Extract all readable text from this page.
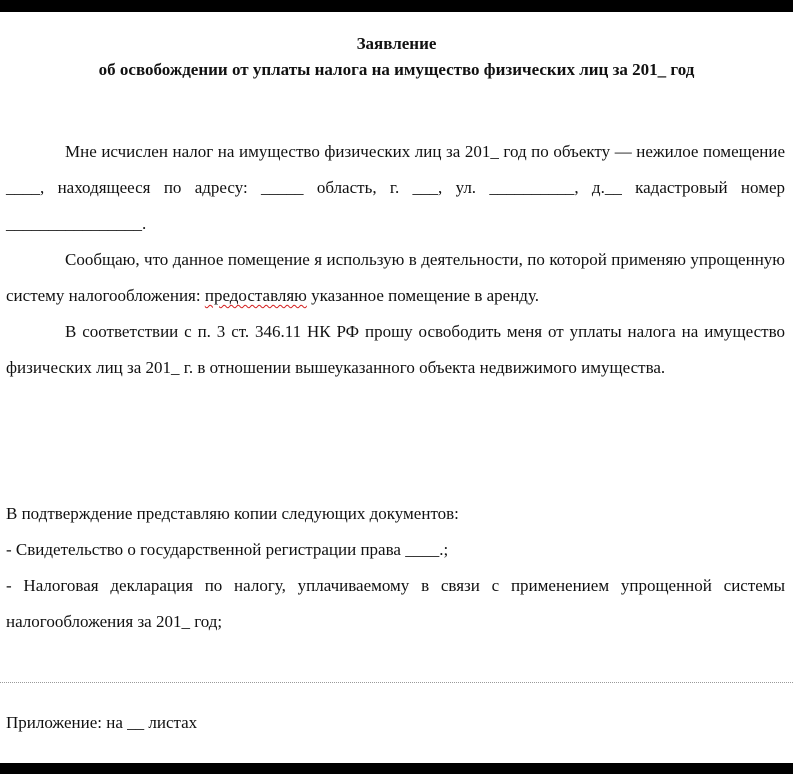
Заявление
об освобождении от уплаты налога на имущество физических лиц за 201_ год

Мне исчислен налог на имущество физических лиц за 201_ год по объекту — нежилое помещение ____, находящееся по адресу: _____ область, г. ___, ул. __________, д.__ кадастровый номер ________________.

Сообщаю, что данное помещение я использую в деятельности, по которой применяю упрощенную систему налогообложения: предоставляю указанное помещение в аренду.

В соответствии с п. 3 ст. 346.11 НК РФ прошу освободить меня от уплаты налога на имущество физических лиц за 201_ г. в отношении вышеуказанного объекта недвижимого имущества.

В подтверждение представляю копии следующих документов:

- Свидетельство о государственной регистрации права ____.;

- Налоговая декларация по налогу, уплачиваемому в связи с применением упрощенной системы налогообложения за 201_ год;

Приложение: на __ листах
